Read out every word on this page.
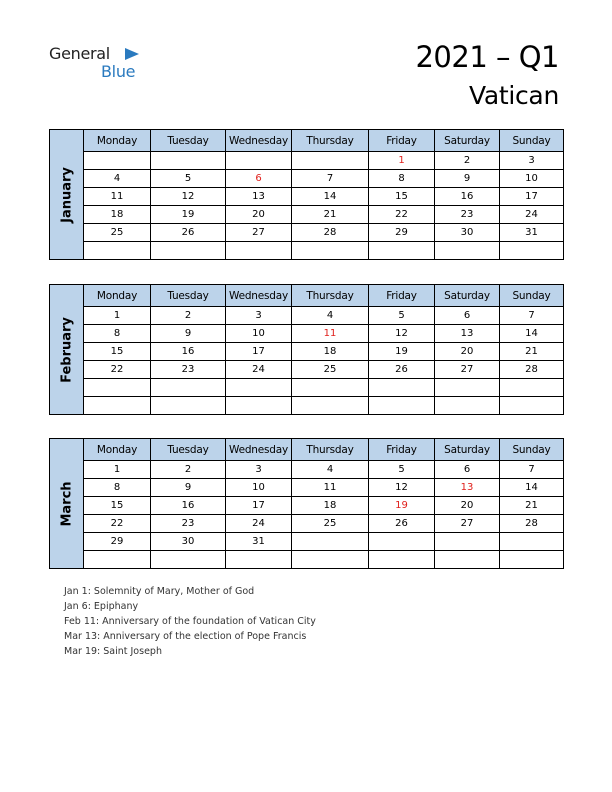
General
Blue	2021 – Q1
Vatican
January	Monday	Tuesday	Wednesday	Thursday	Friday	Saturday	Sunday
					1	2	3
	4	5	6	7	8	9	10
	11	12	13	14	15	16	17
	18	19	20	21	22	23	24
	25	26	27	28	29	30	31

February	Monday	Tuesday	Wednesday	Thursday	Friday	Saturday	Sunday
	1	2	3	4	5	6	7
	8	9	10	11	12	13	14
	15	16	17	18	19	20	21
	22	23	24	25	26	27	28

March	Monday	Tuesday	Wednesday	Thursday	Friday	Saturday	Sunday
	1	2	3	4	5	6	7
	8	9	10	11	12	13	14
	15	16	17	18	19	20	21
	22	23	24	25	26	27	28
	29	30	31				

Jan 1: Solemnity of Mary, Mother of God
Jan 6: Epiphany
Feb 11: Anniversary of the foundation of Vatican City
Mar 13: Anniversary of the election of Pope Francis
Mar 19: Saint Joseph
